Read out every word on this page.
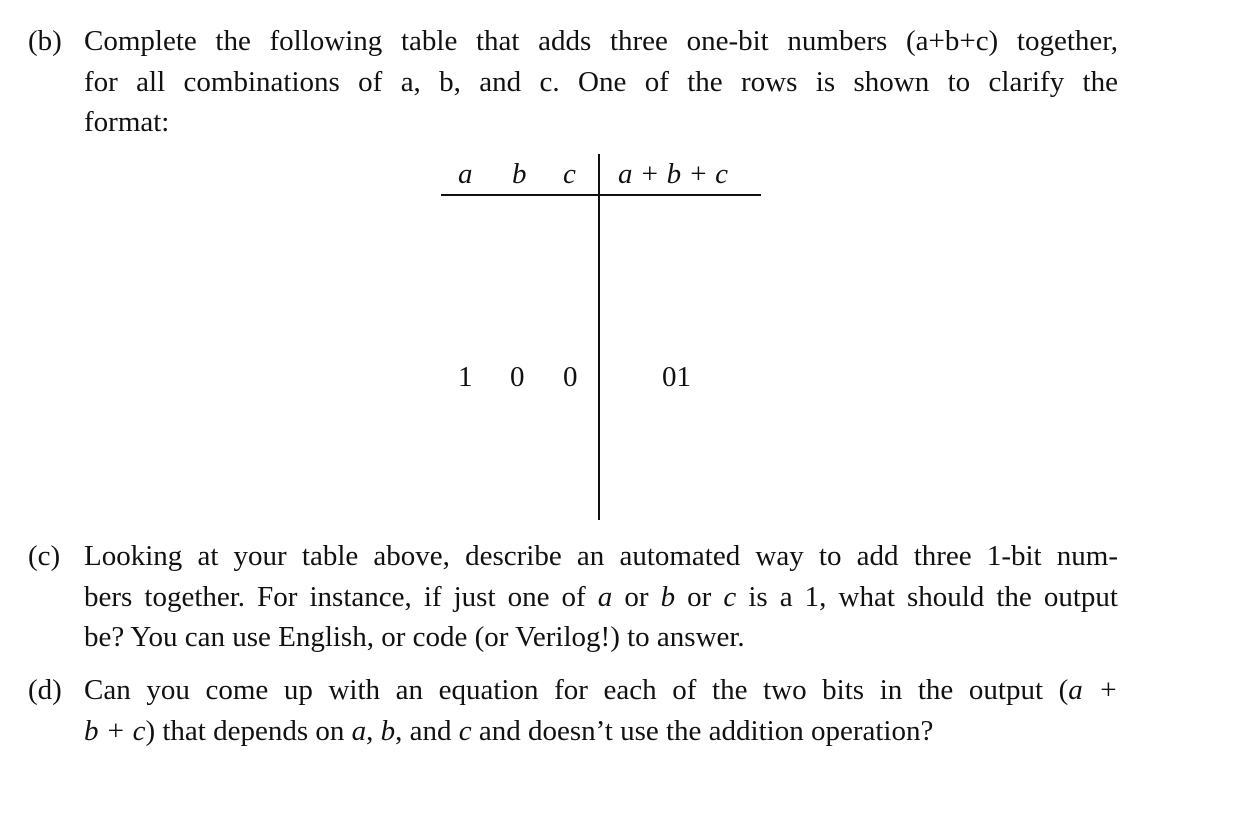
(b) Complete the following table that adds three one-bit numbers (a+b+c) together,
for all combinations of a, b, and c. One of the rows is shown to clarify the
format:
a b c a + b + c
1 0 0	01
(c) Looking at your table above, describe an automated way to add three 1-bit num-
bers together. For instance, if just one of a or b or c is a 1, what should the output
be? You can use English, or code (or Verilog!) to answer.
(d) Can you come up with an equation for each of the two bits in the output (a +
b + c) that depends on a, b, and c and doesn’t use the addition operation?
